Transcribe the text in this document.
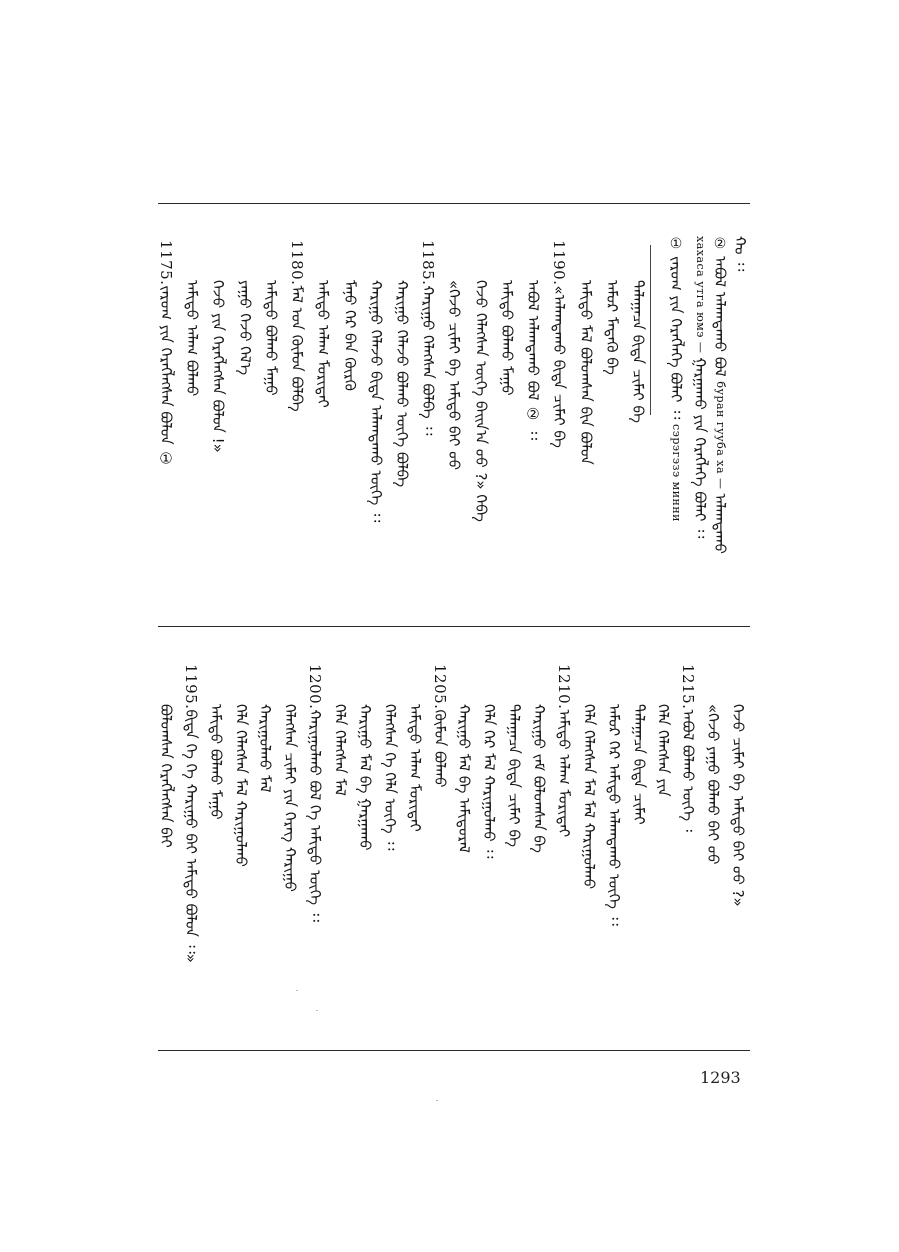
ᠬᠤ ᠄᠄
② ᠠᠪᠤᠯ ᠠᠯᠠᠭᠳᠠᠬᠤ ᠪᠣᠯ буран гууба ха — ᠠᠯᠠᠭᠳᠠᠬᠤ
хахаса утга юмэ — ᠭᠠᠷᠭᠠᠬᠤ ᠶᠢᠨ ᠬᠡᠷᠡᠭᠯᠡᠭᠡ ᠪᠣᠯᠠᠢ ᠄᠄
① ᠵᠠᠷᠤᠭ ᠶᠢᠨ ᠬᠡᠷᠡᠭᠯᠡᠭᠡ ᠪᠣᠯᠠᠢ ᠄᠄ сэрэгэзэ минни
ᠲᠠᠯᠠᠭᠠᠴᠠ ᠪᠢᠳᠡ ᠴᠢᠮᠠᠢ ᠪᠡ
ᠠᠮᠤᠷ ᠮᠡᠳᠡᠬᠦ ᠪᠡ
ᠠᠮᠢᠳᠤ ᠮᠠᠯ ᠪᠣᠯᠤᠭᠰᠠᠨ ᠪᠢᠨ ᠪᠣᠯᠤᠨ
1190.«ᠠᠯᠠᠭᠳᠠᠬᠤ ᠪᠢᠳᠡ ᠴᠢᠮᠠᠢ ᠪᠡ
ᠠᠪᠤᠯ ᠠᠯᠠᠭᠳᠠᠬᠤ ᠪᠣᠯ ② ᠄᠄
ᠠᠮᠢᠳᠤ ᠪᠣᠯᠬᠤ ᠮᠠᠭᠤ
ᠭᠡᠵᠦ ᠬᠡᠯᠡᠭᠰᠡᠨ ᠦᠭᠡ ᠪᠠᠢᠨ᠎ᠠ ᠦᠦ ?» ᠭᠡᠪᠡ
«ᠭᠡᠵᠦ ᠴᠢᠮᠠᠢ ᠪᠡ ᠠᠮᠢᠳᠤ ᠪᠠᠢ ᠦᠦ
1185.ᠬᠠᠷᠢᠭᠤ ᠬᠡᠯᠡᠭᠰᠡᠨ ᠪᠣᠯᠪᠠ ᠄᠄
ᠬᠠᠷᠢᠭᠤ ᠬᠡᠯᠡᠵᠦ ᠪᠣᠯᠬᠤ ᠦᠭᠡ ᠪᠣᠯᠪᠠ
ᠬᠠᠷᠢᠭᠤ ᠬᠡᠯᠡᠵᠦ ᠪᠢᠳᠡ ᠠᠯᠠᠭᠳᠠᠬᠤ ᠦᠭᠡ ᠄᠄
ᠮᠠᠨᠤ ᠭᠡᠷ ᠪᠡᠨ ᠬᠦᠷᠬᠦ
ᠠᠮᠢᠳᠤ ᠠᠯᠠᠭ ᠮᠣᠷᠢᠳᠠᠢ
1180.ᠮᠠᠯ ᠤᠨ ᠬᠦᠮᠦᠨ ᠪᠣᠯᠪᠠ
ᠠᠮᠢᠳᠤ ᠪᠣᠯᠬᠤ ᠮᠠᠭᠤ
ᠶᠠᠭᠤ ᠭᠡᠵᠦ ᠭᠡᠯ᠎ᠡ
ᠭᠡᠵᠦ ᠶᠢᠨ ᠬᠡᠷᠡᠭᠯᠡᠭᠰᠡᠨ ᠪᠣᠯᠤᠨ !»
ᠠᠮᠢᠳᠤ ᠠᠯᠠᠭ ᠪᠣᠯᠬᠤ
1175.ᠵᠠᠷᠤᠭ ᠶᠢᠨ ᠬᠡᠷᠡᠭᠯᠡᠭᠰᠡᠨ ᠪᠣᠯᠤᠨ ①
ᠭᠡᠵᠦ ᠴᠢᠮᠠᠢ ᠪᠡ ᠠᠮᠢᠳᠤ ᠪᠠᠢ ᠦᠦ ?»
«ᠭᠡᠵᠦ ᠶᠠᠭᠤ ᠪᠣᠯᠬᠤ ᠪᠠᠢ ᠦᠦ
1215.ᠠᠪᠤᠯ ᠪᠣᠯᠬᠤ ᠦᠭᠡ ᠄
ᠬᠡᠯᠡ ᠬᠡᠯᠡᠭᠰᠡᠨ ᠶᠢᠨ
ᠲᠠᠯᠠᠭᠠᠴᠠ ᠪᠢᠳᠡ ᠴᠢᠮᠠᠢ
ᠠᠮᠤᠷ ᠭᠡᠷ ᠠᠮᠢᠳᠤ ᠠᠯᠠᠭᠳᠠᠬᠤ ᠦᠭᠡ ᠄᠄
ᠬᠡᠯᠡ ᠬᠡᠯᠡᠭᠰᠡᠨ ᠮᠠᠯ ᠮᠠᠯ ᠬᠠᠷᠢᠭᠤᠯᠬᠤ
1210.ᠠᠮᠢᠳᠤ ᠠᠯᠠᠭ ᠮᠣᠷᠢᠳᠠᠢ
ᠬᠠᠷᠢᠭᠤ ᠵᠠᠮ ᠪᠣᠯᠤᠭᠰᠠᠨ ᠪᠡ
ᠲᠠᠯᠠᠭᠠᠴᠠ ᠪᠢᠳᠡ ᠴᠢᠮᠠᠢ ᠪᠡ
ᠬᠡᠯᠡ ᠭᠡᠷ ᠮᠠᠯ ᠬᠠᠷᠢᠭᠤᠯᠬᠤ ᠄᠄
ᠬᠠᠷᠢᠭᠤ ᠮᠠᠯ ᠪᠡ ᠠᠮᠢᠳᠤᠷᠠᠯ
1205.ᠬᠦᠮᠦᠨ ᠪᠣᠯᠬᠤ
ᠠᠮᠢᠳᠤ ᠠᠯᠠᠭ ᠮᠣᠷᠢᠳᠠᠢ
ᠬᠡᠯᠡᠭᠰᠡᠨ ᠭᠡ ᠬᠡᠯᠡ ᠦᠭᠡ ᠄᠄
ᠬᠠᠷᠢᠭᠤ ᠮᠠᠯ ᠪᠡ ᠭᠠᠷᠭᠠᠬᠤ
ᠬᠡᠯᠡ ᠬᠡᠯᠡᠭᠰᠡᠨ ᠮᠠᠯ
1200.ᠬᠠᠷᠢᠭᠤᠯᠬᠤ ᠪᠣᠯ ᠭᠡ ᠠᠮᠢᠳᠤ ᠦᠭᠡ ᠄᠄
ᠬᠡᠯᠡᠭᠰᠡᠨ ᠴᠢᠮᠠᠢ ᠶᠢᠨ ᠬᠡᠷᠡᠭ ᠬᠠᠷᠢᠭᠤ
ᠬᠠᠷᠢᠭᠤᠯᠬᠤ ᠮᠠᠯ
ᠬᠡᠯᠡ ᠬᠡᠯᠡᠭᠰᠡᠨ ᠮᠠᠯ ᠬᠠᠷᠢᠭᠤᠯᠬᠤ
ᠠᠮᠢᠳᠤ ᠪᠣᠯᠬᠤ ᠮᠠᠭᠤ
1195.ᠪᠢᠳᠡ ᠭᠡ ᠭᠡ ᠬᠠᠷᠢᠭᠤ ᠪᠠᠢ ᠠᠮᠢᠳᠤ ᠪᠣᠯᠤᠨ ᠄᠄»
ᠪᠣᠯᠤᠭᠰᠠᠨ ᠬᠡᠷᠡᠭᠯᠡᠭᠰᠡᠨ ᠪᠠᠢ
1293
